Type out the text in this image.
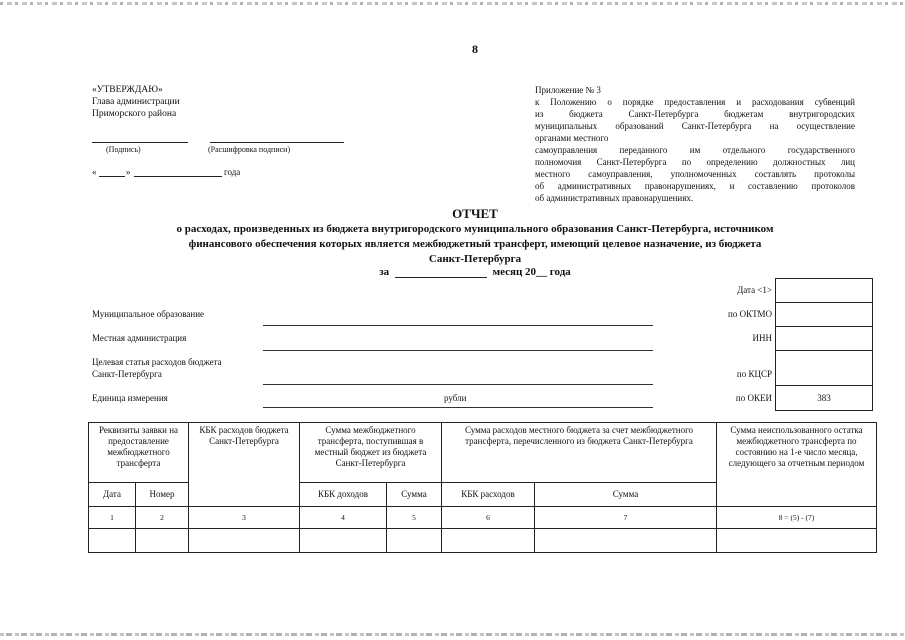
8
«УТВЕРЖДАЮ»
Глава администрации
Приморского района
(Подпись)	(Расшифровка подписи)
«	»	года
Приложение № 3
к Положению о порядке предоставления и расходования субвенций
из бюджета Санкт-Петербурга бюджетам внутригородских
муниципальных образований Санкт-Петербурга на осуществление
органами местного
самоуправления переданного им отдельного государственного
полномочия Санкт-Петербурга по определению должностных лиц
местного самоуправления, уполномоченных составлять протоколы
об административных правонарушениях, и составлению протоколов
об административных правонарушениях.
ОТЧЕТ
о расходах, произведенных из бюджета внутригородского муниципального образования Санкт-Петербурга, источником
финансового обеспечения которых является межбюджетный трансферт, имеющий целевое назначение, из бюджета
Санкт-Петербурга
за	месяц 20__ года
Муниципальное образование
Местная администрация
Целевая статья расходов бюджета
Санкт-Петербурга
Единица измерения	рубли
Дата <1>
по ОКТМО
ИНН
по КЦСР
по ОКЕИ	383
Реквизиты заявки на предоставление межбюджетного трансферта		КБК расходов бюджета Санкт-Петербурга	Сумма межбюджетного трансферта, поступившая в местный бюджет из бюджета Санкт-Петербурга		Сумма расходов местного бюджета за счет межбюджетного трансферта, перечисленного из бюджета Санкт-Петербурга		Сумма неиспользованного остатка межбюджетного трансферта по состоянию на 1-е число месяца, следующего за отчетным периодом
Дата	Номер		КБК доходов	Сумма	КБК расходов	Сумма	
1	2	3	4	5	6	7	8 = (5) - (7)
